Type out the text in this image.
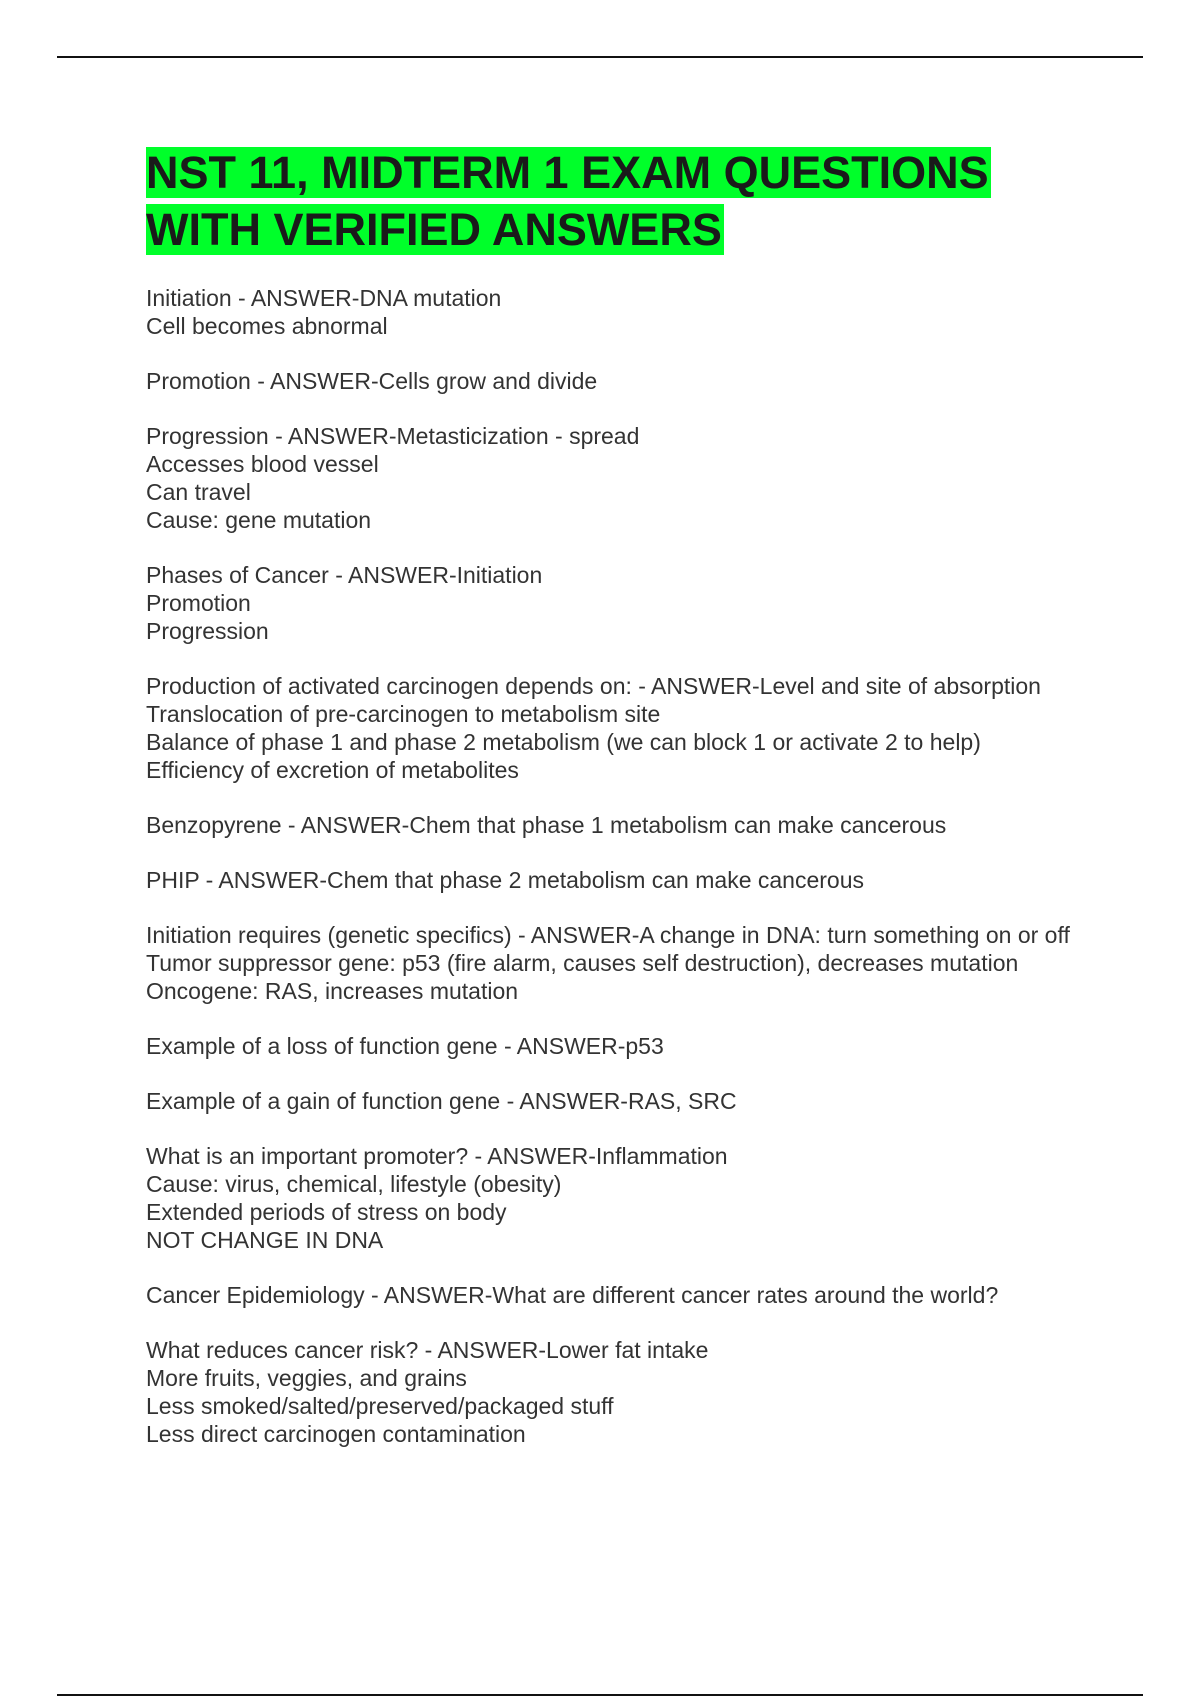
NST 11, MIDTERM 1 EXAM QUESTIONS WITH VERIFIED ANSWERS
Initiation - ANSWER-DNA mutation
Cell becomes abnormal
Promotion - ANSWER-Cells grow and divide
Progression - ANSWER-Metasticization - spread
Accesses blood vessel
Can travel
Cause: gene mutation
Phases of Cancer - ANSWER-Initiation
Promotion
Progression
Production of activated carcinogen depends on: - ANSWER-Level and site of absorption
Translocation of pre-carcinogen to metabolism site
Balance of phase 1 and phase 2 metabolism (we can block 1 or activate 2 to help)
Efficiency of excretion of metabolites
Benzopyrene - ANSWER-Chem that phase 1 metabolism can make cancerous
PHIP - ANSWER-Chem that phase 2 metabolism can make cancerous
Initiation requires (genetic specifics) - ANSWER-A change in DNA: turn something on or off
Tumor suppressor gene: p53 (fire alarm, causes self destruction), decreases mutation
Oncogene: RAS, increases mutation
Example of a loss of function gene - ANSWER-p53
Example of a gain of function gene - ANSWER-RAS, SRC
What is an important promoter? - ANSWER-Inflammation
Cause: virus, chemical, lifestyle (obesity)
Extended periods of stress on body
NOT CHANGE IN DNA
Cancer Epidemiology - ANSWER-What are different cancer rates around the world?
What reduces cancer risk? - ANSWER-Lower fat intake
More fruits, veggies, and grains
Less smoked/salted/preserved/packaged stuff
Less direct carcinogen contamination
